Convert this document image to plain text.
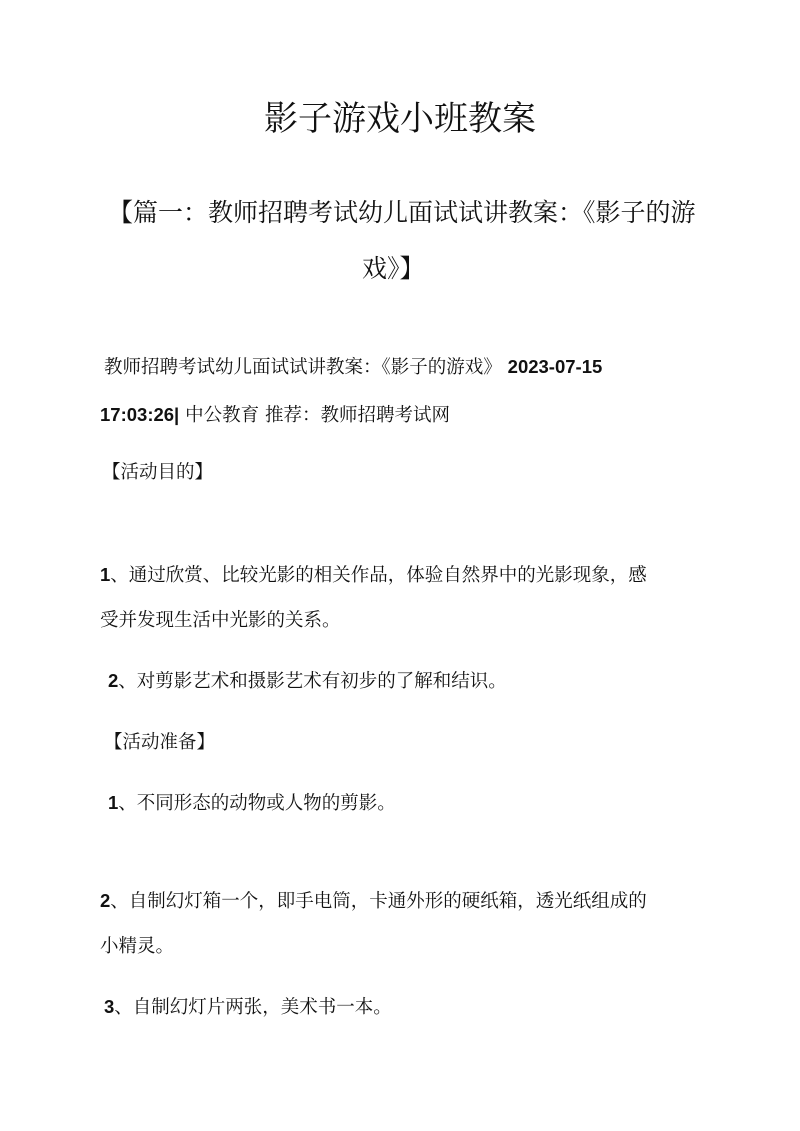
影子游戏小班教案
【篇一：教师招聘考试幼儿面试试讲教案：《影子的游
戏》】
教师招聘考试幼儿面试试讲教案：《影子的游戏》 2023-07-15
17:03:26| 中公教育 推荐：教师招聘考试网
【活动目的】
1、通过欣赏、比较光影的相关作品，体验自然界中的光影现象，感
受并发现生活中光影的关系。
2、对剪影艺术和摄影艺术有初步的了解和结识。
【活动准备】
1、不同形态的动物或人物的剪影。
2、自制幻灯箱一个，即手电筒，卡通外形的硬纸箱，透光纸组成的
小精灵。
3、自制幻灯片两张，美术书一本。
